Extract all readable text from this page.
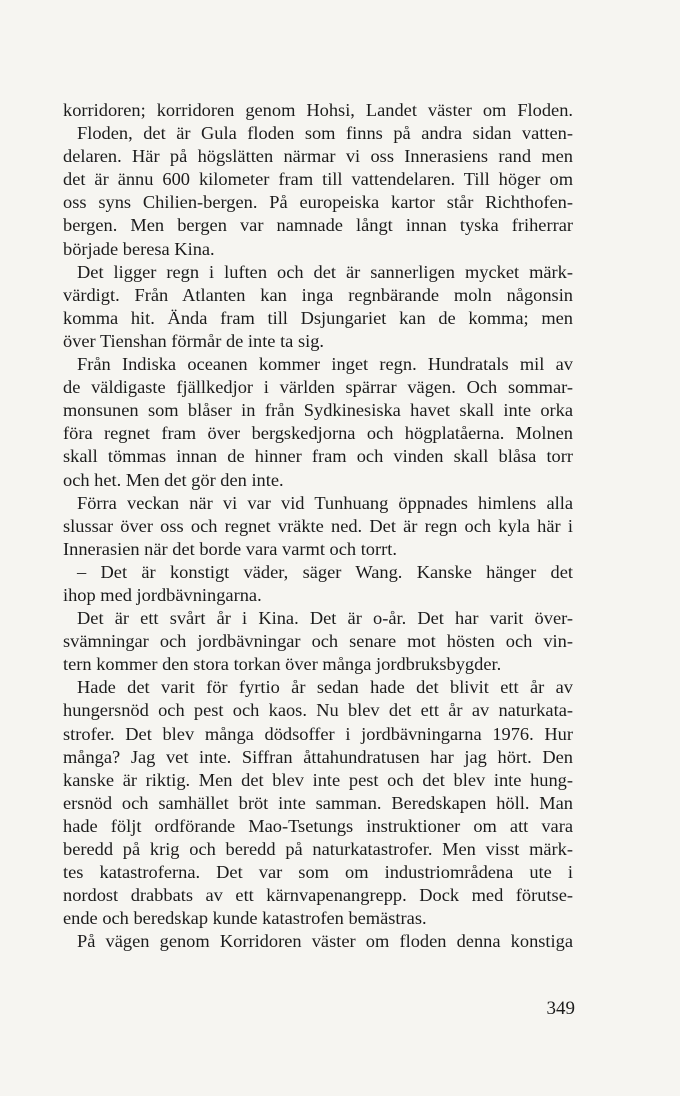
korridoren; korridoren genom Hohsi, Landet väster om Floden.
Floden, det är Gula floden som finns på andra sidan vatten-
delaren. Här på högslätten närmar vi oss Innerasiens rand men
det är ännu 600 kilometer fram till vattendelaren. Till höger om
oss syns Chilien-bergen. På europeiska kartor står Richthofen-
bergen. Men bergen var namnade långt innan tyska friherrar
började beresa Kina.
Det ligger regn i luften och det är sannerligen mycket märk-
värdigt. Från Atlanten kan inga regnbärande moln någonsin
komma hit. Ända fram till Dsjungariet kan de komma; men
över Tienshan förmår de inte ta sig.
Från Indiska oceanen kommer inget regn. Hundratals mil av
de väldigaste fjällkedjor i världen spärrar vägen. Och sommar-
monsunen som blåser in från Sydkinesiska havet skall inte orka
föra regnet fram över bergskedjorna och högplatåerna. Molnen
skall tömmas innan de hinner fram och vinden skall blåsa torr
och het. Men det gör den inte.
Förra veckan när vi var vid Tunhuang öppnades himlens alla
slussar över oss och regnet vräkte ned. Det är regn och kyla här i
Innerasien när det borde vara varmt och torrt.
– Det är konstigt väder, säger Wang. Kanske hänger det
ihop med jordbävningarna.
Det är ett svårt år i Kina. Det är o-år. Det har varit över-
svämningar och jordbävningar och senare mot hösten och vin-
tern kommer den stora torkan över många jordbruksbygder.
Hade det varit för fyrtio år sedan hade det blivit ett år av
hungersnöd och pest och kaos. Nu blev det ett år av naturkata-
strofer. Det blev många dödsoffer i jordbävningarna 1976. Hur
många? Jag vet inte. Siffran åttahundratusen har jag hört. Den
kanske är riktig. Men det blev inte pest och det blev inte hung-
ersnöd och samhället bröt inte samman. Beredskapen höll. Man
hade följt ordförande Mao-Tsetungs instruktioner om att vara
beredd på krig och beredd på naturkatastrofer. Men visst märk-
tes katastroferna. Det var som om industriområdena ute i
nordost drabbats av ett kärnvapenangrepp. Dock med förutse-
ende och beredskap kunde katastrofen bemästras.
På vägen genom Korridoren väster om floden denna konstiga
349
